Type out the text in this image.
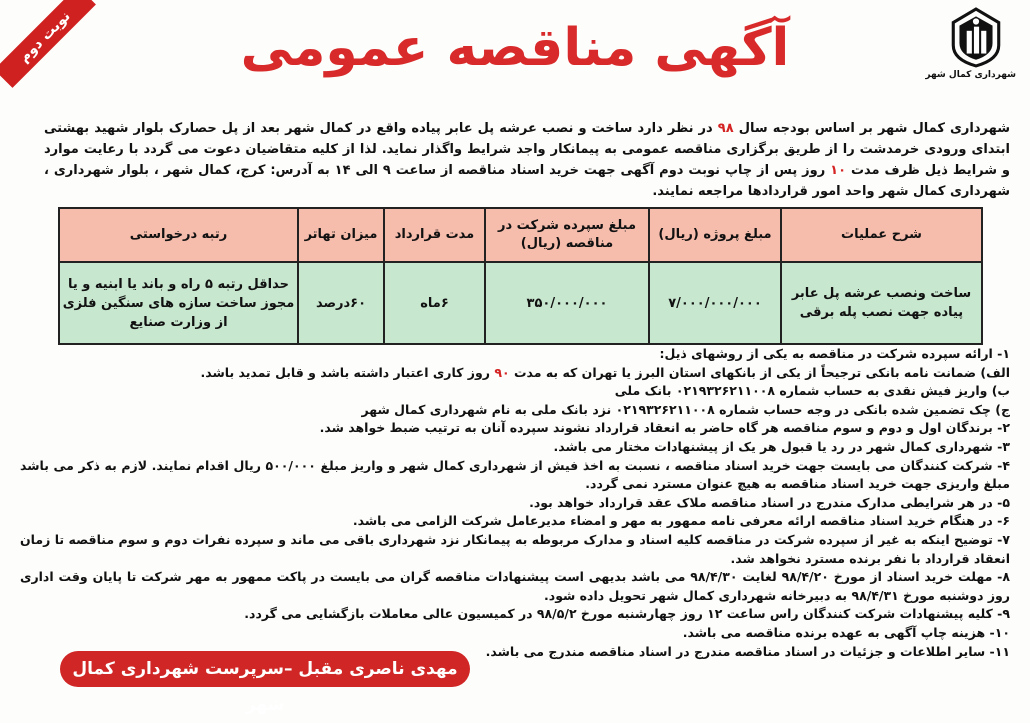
شهرداری کمال شهر
نوبت دوم	آگهی مناقصه عمومی
شهرداری کمال شهر بر اساس بودجه سال ۹۸ در نظر دارد ساخت و نصب عرشه پل عابر پیاده واقع در کمال شهر بعد از پل حصارک بلوار شهید بهشتی ابتدای ورودی خرمدشت را از طریق برگزاری مناقصه عمومی به پیمانکار واجد شرایط واگذار نماید. لذا از کلیه متقاضیان دعوت می گردد با رعایت موارد و شرایط ذیل ظرف مدت ۱۰ روز پس از چاپ نوبت دوم آگهی جهت خرید اسناد مناقصه از ساعت ۹ الی ۱۴ به آدرس: کرج، کمال شهر ، بلوار شهرداری ، شهرداری کمال شهر واحد امور قراردادها مراجعه نمایند.
شرح عملیات	مبلغ پروژه (ریال)	مبلغ سپرده شرکت در مناقصه (ریال)	مدت قرارداد	میزان تهاتر	رتبه درخواستی
ساخت ونصب عرشه پل عابر پیاده جهت نصب پله برقی	۷/۰۰۰/۰۰۰/۰۰۰	۳۵۰/۰۰۰/۰۰۰	۶ماه	۶۰درصد	حداقل رتبه ۵ راه و باند یا ابنیه و یا مجوز ساخت سازه های سنگین فلزی از وزارت صنایع

۱- ارائه سپرده شرکت در مناقصه به یکی از روشهای ذیل:

الف) ضمانت نامه بانکی ترجیحاً از یکی از بانکهای استان البرز یا تهران که به مدت ۹۰ روز کاری اعتبار داشته باشد و قابل تمدید باشد.

ب) واریز فیش نقدی به حساب شماره ۰۲۱۹۳۲۶۲۱۱۰۰۸ بانک ملی

ج) چک تضمین شده بانکی در وجه حساب شماره ۰۲۱۹۳۲۶۲۱۱۰۰۸ نزد بانک ملی به نام شهرداری کمال شهر

۲- برندگان اول و دوم و سوم مناقصه هر گاه حاضر به انعقاد قرارداد نشوند سپرده آنان به ترتیب ضبط خواهد شد.

۳- شهرداری کمال شهر در رد یا قبول هر یک از پیشنهادات مختار می باشد.

۴- شرکت کنندگان می بایست جهت خرید اسناد مناقصه ، نسبت به اخذ فیش از شهرداری کمال شهر و واریز مبلغ ۵۰۰/۰۰۰ ریال اقدام نمایند. لازم به ذکر می باشد مبلغ واریزی جهت خرید اسناد مناقصه به هیچ عنوان مسترد نمی گردد.

۵- در هر شرایطی مدارک مندرج در اسناد مناقصه ملاک عقد قرارداد خواهد بود.

۶- در هنگام خرید اسناد مناقصه ارائه معرفی نامه ممهور به مهر و امضاء مدیرعامل شرکت الزامی می باشد.

۷- توضیح اینکه به غیر از سپرده شرکت در مناقصه کلیه اسناد و مدارک مربوطه به پیمانکار نزد شهرداری باقی می ماند و سپرده نفرات دوم و سوم مناقصه تا زمان انعقاد قرارداد با نفر برنده مسترد نخواهد شد.

۸- مهلت خرید اسناد از مورخ ۹۸/۴/۲۰ لغایت ۹۸/۴/۳۰ می باشد بدیهی است پیشنهادات مناقصه گران می بایست در پاکت ممهور به مهر شرکت تا پایان وقت اداری روز دوشنبه مورخ ۹۸/۴/۳۱ به دبیرخانه شهرداری کمال شهر تحویل داده شود.

۹- کلیه پیشنهادات شرکت کنندگان راس ساعت ۱۲ روز چهارشنبه مورخ ۹۸/۵/۲ در کمیسیون عالی معاملات بازگشایی می گردد.

۱۰- هزینه چاپ آگهی به عهده برنده مناقصه می باشد.

۱۱- سایر اطلاعات و جزئیات در اسناد مناقصه مندرج در اسناد مناقصه مندرج می باشد.

مهدی ناصری مقبل –سرپرست شهرداری کمال شهر
